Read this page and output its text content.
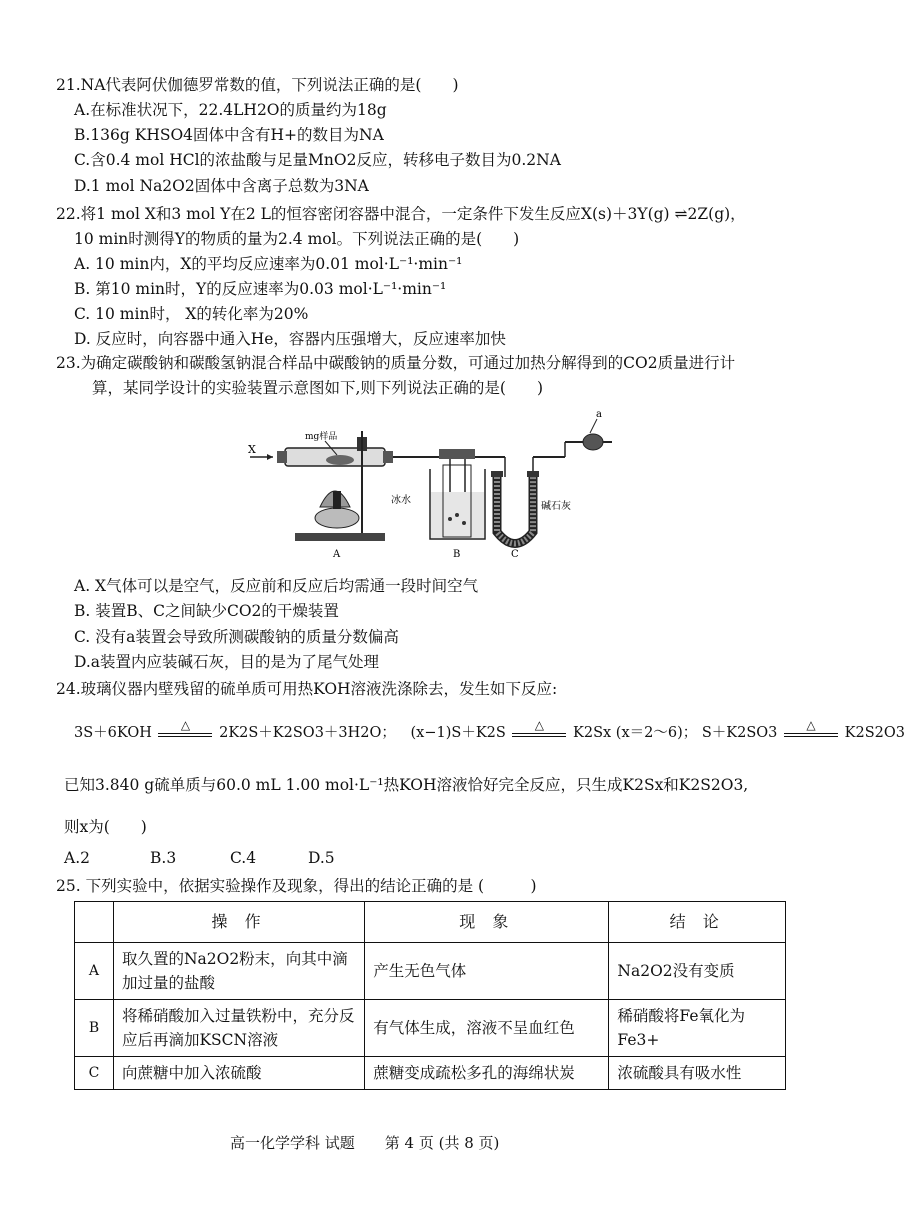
21.NA代表阿伏伽德罗常数的值，下列说法正确的是(　　)
A.在标准状况下，22.4LH2O的质量约为18g
B.136g KHSO4固体中含有H+的数目为NA
C.含0.4 mol HCl的浓盐酸与足量MnO2反应，转移电子数目为0.2NA
D.1 mol Na2O2固体中含离子总数为3NA
22.将1 mol X和3 mol Y在2 L的恒容密闭容器中混合，一定条件下发生反应X(s)＋3Y(g) ⇌2Z(g)，
10 min时测得Y的物质的量为2.4 mol。下列说法正确的是(　　)
A. 10 min内，X的平均反应速率为0.01 mol·L⁻¹·min⁻¹
B. 第10 min时，Y的反应速率为0.03 mol·L⁻¹·min⁻¹
C. 10 min时， X的转化率为20%
D. 反应时，向容器中通入He，容器内压强增大，反应速率加快
23.为确定碳酸钠和碳酸氢钠混合样品中碳酸钠的质量分数，可通过加热分解得到的CO2质量进行计
算，某同学设计的实验装置示意图如下,则下列说法正确的是(　　)
X
mg样品
A
冰水
B
碱石灰
C
a
A. X气体可以是空气，反应前和反应后均需通一段时间空气
B. 装置B、C之间缺少CO2的干燥装置
C. 没有a装置会导致所测碳酸钠的质量分数偏高
D.a装置内应装碱石灰，目的是为了尾气处理
24.玻璃仪器内壁残留的硫单质可用热KOH溶液洗涤除去，发生如下反应:
3S＋6KOH	△	2K2S＋K2SO3＋3H2O； (x−1)S＋K2S	△	K2Sx (x＝2～6)； S＋K2SO3	△	K2S2O3
已知3.840 g硫单质与60.0 mL 1.00 mol·L⁻¹热KOH溶液恰好完全反应，只生成K2Sx和K2S2O3,
则x为(　　)
A.2	B.3	C.4	D.5
25. 下列实验中，依据实验操作及现象，得出的结论正确的是 (　　　)
	操 作	现 象	结 论
A	取久置的Na2O2粉末，向其中滴加过量的盐酸	产生无色气体	Na2O2没有变质
B	将稀硝酸加入过量铁粉中，充分反应后再滴加KSCN溶液	有气体生成，溶液不呈血红色	稀硝酸将Fe氧化为Fe3+
C	向蔗糖中加入浓硫酸	蔗糖变成疏松多孔的海绵状炭	浓硫酸具有吸水性
高一化学学科 试题　　第 4 页 (共 8 页)
